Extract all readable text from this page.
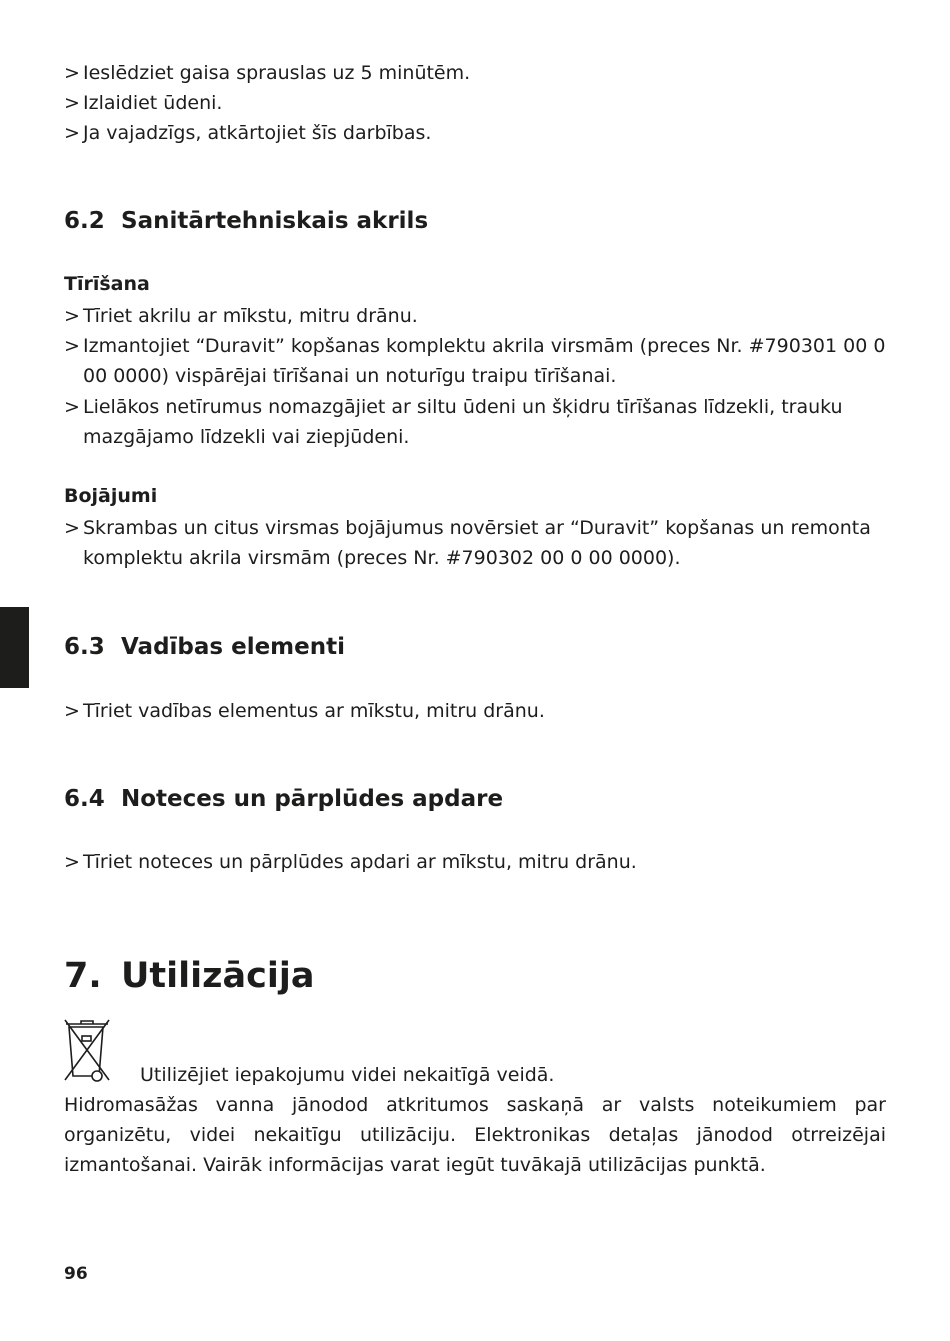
> Ieslēdziet gaisa sprauslas uz 5 minūtēm.
> Izlaidiet ūdeni.
> Ja vajadzīgs, atkārtojiet šīs darbības.
6.2 Sanitārtehniskais akrils
Tīrīšana
> Tīriet akrilu ar mīkstu, mitru drānu.
> Izmantojiet “Duravit” kopšanas komplektu akrila virsmām (preces Nr. #790301 00 0 00 0000) vispārējai tīrīšanai un noturīgu traipu tīrīšanai.
> Lielākos netīrumus nomazgājiet ar siltu ūdeni un šķidru tīrīšanas līdzekli, trauku mazgājamo līdzekli vai ziepjūdeni.
Bojājumi
> Skrambas un citus virsmas bojājumus novērsiet ar “Duravit” kopšanas un remonta komplektu akrila virsmām (preces Nr. #790302 00 0 00 0000).
6.3 Vadības elementi
> Tīriet vadības elementus ar mīkstu, mitru drānu.
6.4 Noteces un pārplūdes apdare
> Tīriet noteces un pārplūdes apdari ar mīkstu, mitru drānu.
7. Utilizācija
Utilizējiet iepakojumu videi nekaitīgā veidā.
Hidromasāžas vanna jānodod atkritumos saskaņā ar valsts noteikumiem par organizētu, videi nekaitīgu utilizāciju. Elektronikas detaļas jānodod otrreizējai izmantošanai. Vairāk informācijas varat iegūt tuvākajā utilizācijas punktā.
96
